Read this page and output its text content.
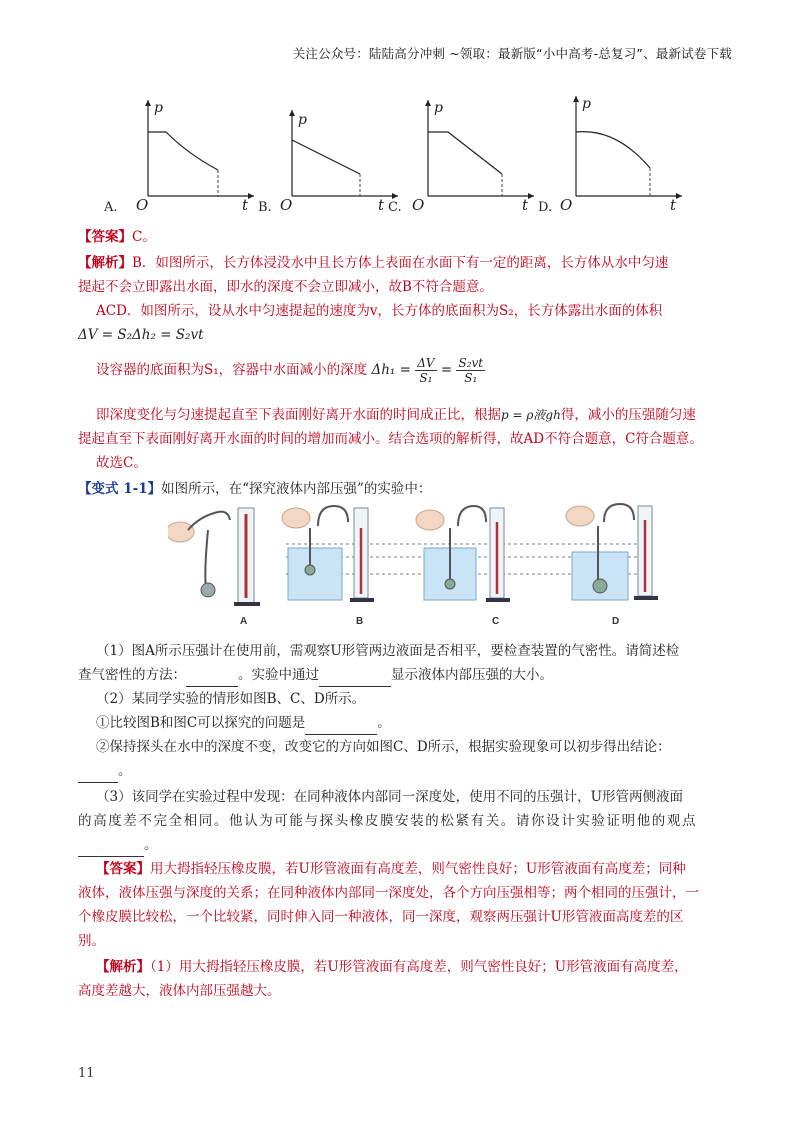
关注公众号：陆陆高分冲刺 ~领取：最新版“小中高考-总复习”、最新试卷下载
p
O	t
A.
p
O	t
B.
p
O	t
C.
p
O	t
D.
【答案】C。
【解析】B．如图所示，长方体浸没水中且长方体上表面在水面下有一定的距离，长方体从水中匀速
提起不会立即露出水面，即水的深度不会立即减小，故B不符合题意。
ACD．如图所示，设从水中匀速提起的速度为v，长方体的底面积为S₂，长方体露出水面的体积
ΔV = S₂Δh₂ = S₂vt
设容器的底面积为S₁，容器中水面减小的深度 $\Delta h_1 = \frac{\Delta V}{\text{S₁}} = \frac{\text{S₂vt}}{\text{S₁}}$
即深度变化与匀速提起直至下表面刚好离开水面的时间成正比，根据p = ρ液gh得，减小的压强随匀速
提起直至下表面刚好离开水面的时间的增加而减小。结合选项的解析得，故AD不符合题意，C符合题意。
故选C。
【变式 1-1】如图所示，在“探究液体内部压强”的实验中：
A	B	C	D
（1）图A所示压强计在使用前，需观察U形管两边液面是否相平，要检查装置的气密性。请简述检
查气密性的方法：	。实验中通过	显示液体内部压强的大小。
（2）某同学实验的情形如图B、C、D所示。
①比较图B和图C可以探究的问题是	。
②保持探头在水中的深度不变，改变它的方向如图C、D所示，根据实验现象可以初步得出结论：
。
（3）该同学在实验过程中发现：在同种液体内部同一深度处，使用不同的压强计，U形管两侧液面
的高度差不完全相同。他认为可能与探头橡皮膜安装的松紧有关。请你设计实验证明他的观点
。
【答案】用大拇指轻压橡皮膜，若U形管液面有高度差，则气密性良好；U形管液面有高度差；同种
液体，液体压强与深度的关系；在同种液体内部同一深度处，各个方向压强相等；两个相同的压强计，一
个橡皮膜比较松，一个比较紧，同时伸入同一种液体，同一深度，观察两压强计U形管液面高度差的区
别。
【解析】（1）用大拇指轻压橡皮膜，若U形管液面有高度差，则气密性良好；U形管液面有高度差，
高度差越大，液体内部压强越大。
11
